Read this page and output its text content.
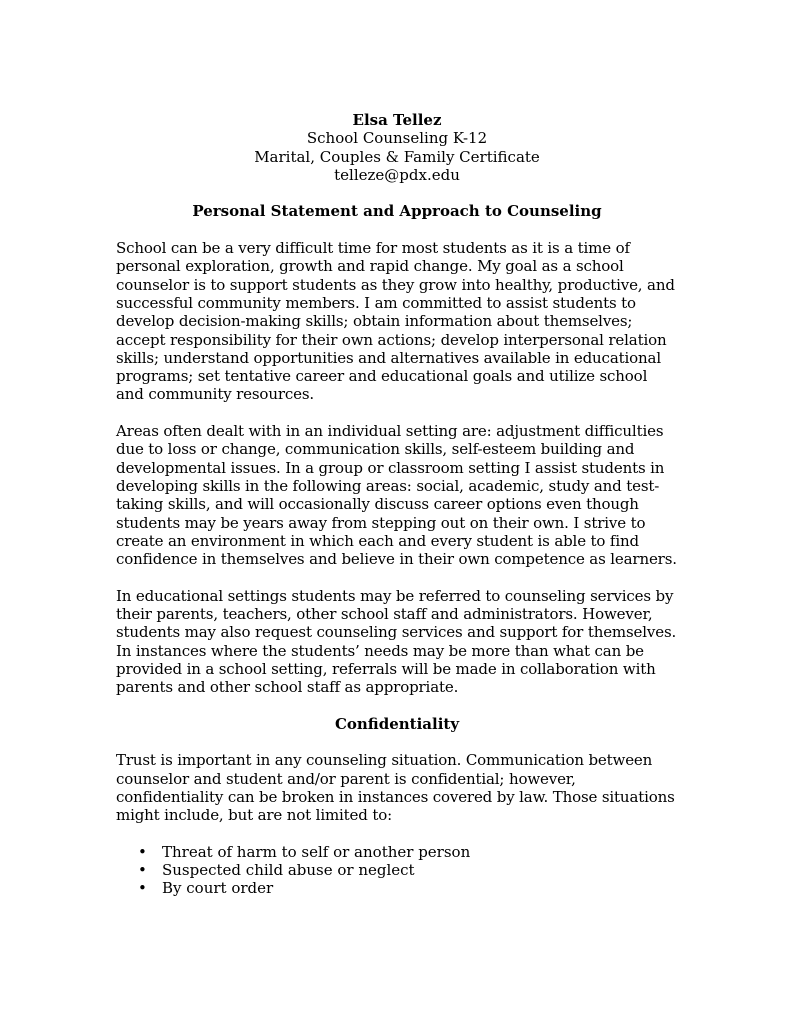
Elsa Tellez
School Counseling K-12
Marital, Couples & Family Certificate
telleze@pdx.edu
Personal Statement and Approach to Counseling

School can be a very difficult time for most students as it is a time of personal exploration, growth and rapid change. My goal as a school counselor is to support students as they grow into healthy, productive, and successful community members. I am committed to assist students to develop decision-making skills; obtain information about themselves; accept responsibility for their own actions; develop interpersonal relation skills; understand opportunities and alternatives available in educational programs; set tentative career and educational goals and utilize school and community resources.

Areas often dealt with in an individual setting are: adjustment difficulties due to loss or change, communication skills, self-esteem building and developmental issues. In a group or classroom setting I assist students in developing skills in the following areas: social, academic, study and test-taking skills, and will occasionally discuss career options even though students may be years away from stepping out on their own. I strive to create an environment in which each and every student is able to find confidence in themselves and believe in their own competence as learners.

In educational settings students may be referred to counseling services by their parents, teachers, other school staff and administrators. However, students may also request counseling services and support for themselves. In instances where the students’ needs may be more than what can be provided in a school setting, referrals will be made in collaboration with parents and other school staff as appropriate.

Confidentiality

Trust is important in any counseling situation. Communication between counselor and student and/or parent is confidential; however, confidentiality can be broken in instances covered by law. Those situations might include, but are not limited to:

• Threat of harm to self or another person
• Suspected child abuse or neglect
• By court order
